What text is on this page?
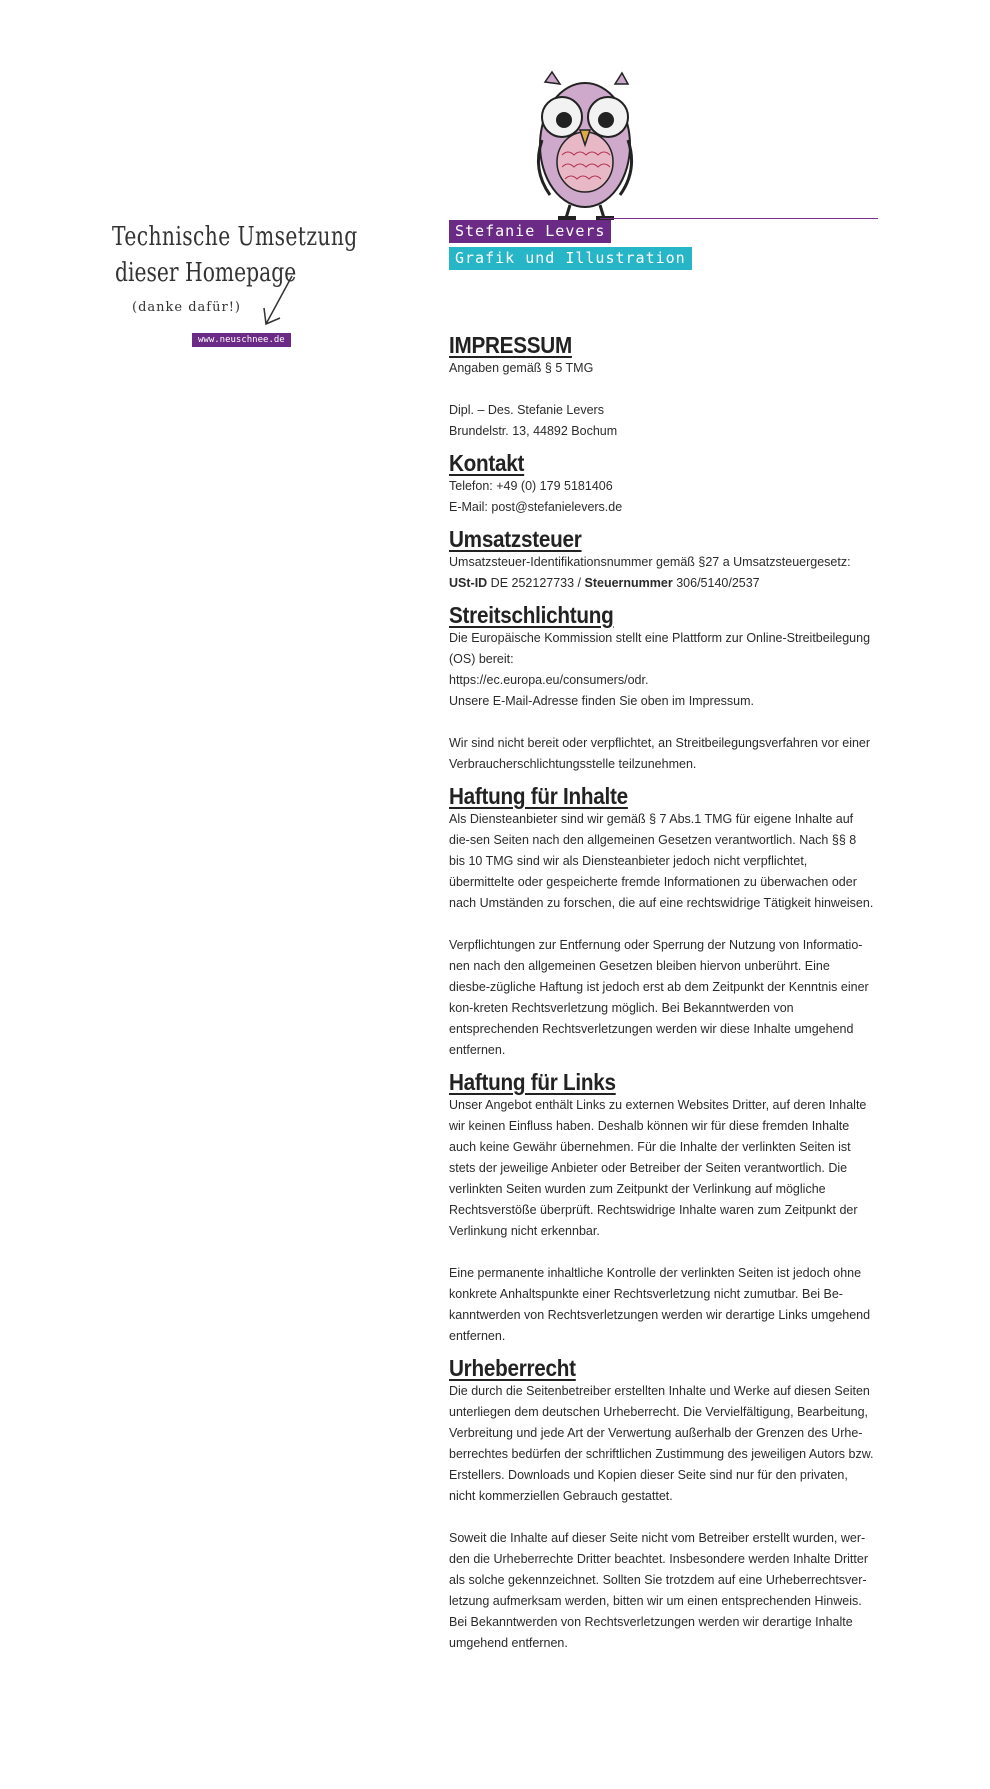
Stefanie Levers
Grafik und Illustration
Technische Umsetzung
dieser Homepage
(danke dafür!)
www.neuschnee.de	IMPRESSUM

Angaben gemäß § 5 TMG

Dipl. – Des. Stefanie Levers

Brundelstr. 13, 44892 Bochum

Kontakt

Telefon: +49 (0) 179 5181406

E-Mail: post@stefanielevers.de

Umsatzsteuer

Umsatzsteuer-Identifikationsnummer gemäß §27 a Umsatzsteuergesetz:

USt-ID DE 252127733 / Steuernummer 306/5140/2537

Streitschlichtung

Die Europäische Kommission stellt eine Plattform zur Online-Streitbeilegung (OS) bereit:

https://ec.europa.eu/consumers/odr.

Unsere E-Mail-Adresse finden Sie oben im Impressum.

Wir sind nicht bereit oder verpflichtet, an Streitbeilegungsverfahren vor einer Verbraucherschlichtungsstelle teilzunehmen.

Haftung für Inhalte

Als Diensteanbieter sind wir gemäß § 7 Abs.1 TMG für eigene Inhalte auf die-sen Seiten nach den allgemeinen Gesetzen verantwortlich. Nach §§ 8 bis 10 TMG sind wir als Diensteanbieter jedoch nicht verpflichtet, übermittelte oder gespeicherte fremde Informationen zu überwachen oder nach Umständen zu forschen, die auf eine rechtswidrige Tätigkeit hinweisen.

Verpflichtungen zur Entfernung oder Sperrung der Nutzung von Informatio-nen nach den allgemeinen Gesetzen bleiben hiervon unberührt. Eine diesbe-zügliche Haftung ist jedoch erst ab dem Zeitpunkt der Kenntnis einer kon-kreten Rechtsverletzung möglich. Bei Bekanntwerden von entsprechenden Rechtsverletzungen werden wir diese Inhalte umgehend entfernen.

Haftung für Links

Unser Angebot enthält Links zu externen Websites Dritter, auf deren Inhalte wir keinen Einfluss haben. Deshalb können wir für diese fremden Inhalte auch keine Gewähr übernehmen. Für die Inhalte der verlinkten Seiten ist stets der jeweilige Anbieter oder Betreiber der Seiten verantwortlich. Die verlinkten Seiten wurden zum Zeitpunkt der Verlinkung auf mögliche Rechtsverstöße überprüft. Rechtswidrige Inhalte waren zum Zeitpunkt der Verlinkung nicht erkennbar.

Eine permanente inhaltliche Kontrolle der verlinkten Seiten ist jedoch ohne konkrete Anhaltspunkte einer Rechtsverletzung nicht zumutbar. Bei Be-kanntwerden von Rechtsverletzungen werden wir derartige Links umgehend entfernen.

Urheberrecht

Die durch die Seitenbetreiber erstellten Inhalte und Werke auf diesen Seiten unterliegen dem deutschen Urheberrecht. Die Vervielfältigung, Bearbeitung, Verbreitung und jede Art der Verwertung außerhalb der Grenzen des Urhe-berrechtes bedürfen der schriftlichen Zustimmung des jeweiligen Autors bzw. Erstellers. Downloads und Kopien dieser Seite sind nur für den privaten, nicht kommerziellen Gebrauch gestattet.

Soweit die Inhalte auf dieser Seite nicht vom Betreiber erstellt wurden, wer-den die Urheberrechte Dritter beachtet. Insbesondere werden Inhalte Dritter als solche gekennzeichnet. Sollten Sie trotzdem auf eine Urheberrechtsver-letzung aufmerksam werden, bitten wir um einen entsprechenden Hinweis. Bei Bekanntwerden von Rechtsverletzungen werden wir derartige Inhalte umgehend entfernen.
